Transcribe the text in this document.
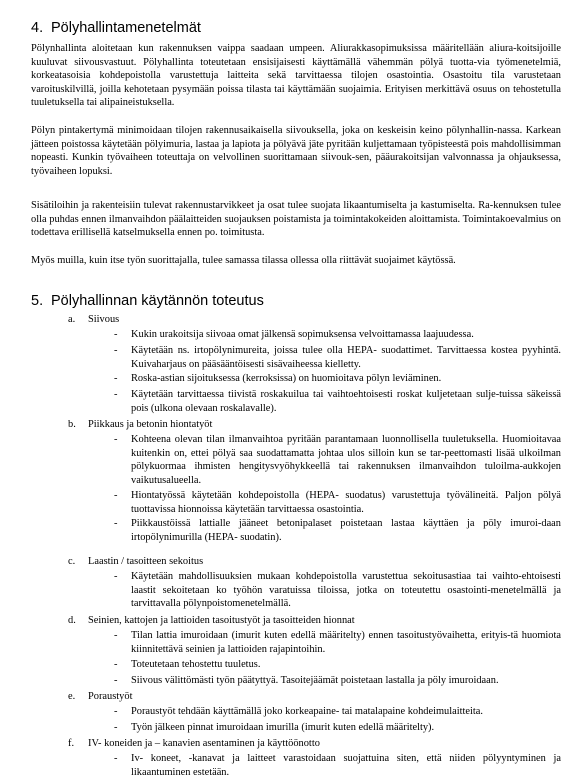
4. Pölyhallintamenetelmät

Pölynhallinta aloitetaan kun rakennuksen vaippa saadaan umpeen. Aliurakkasopimuksissa määritellään aliura-koitsijoille kuuluvat siivousvastuut. Pölyhallinta toteutetaan ensisijaisesti käyttämällä vähemmän pölyä tuotta-via työmenetelmiä, korkeatasoisia kohdepoistolla varustettuja laitteita sekä tarvittaessa tilojen osastointia. Osastoitu tila varustetaan varoituskilvillä, joilla kehotetaan pysymään poissa tilasta tai käyttämään suojaimia. Erityisen merkittävä osuus on tehostetulla tuuletuksella tai alipaineistuksella.

Pölyn pintakertymä minimoidaan tilojen rakennusaikaisella siivouksella, joka on keskeisin keino pölynhallin-nassa. Karkean jätteen poistossa käytetään pölyimuria, lastaa ja lapiota ja pölyävä jäte pyritään kuljettamaan työpisteestä pois mahdollisimman nopeasti. Kunkin työvaiheen toteuttaja on velvollinen suorittamaan siivouk-sen, pääurakoitsijan valvonnassa ja ohjauksessa, työvaiheen lopuksi.

Sisätiloihin ja rakenteisiin tulevat rakennustarvikkeet ja osat tulee suojata likaantumiselta ja kastumiselta. Ra-kennuksen tulee olla puhdas ennen ilmanvaihdon päälaitteiden suojauksen poistamista ja toimintakokeiden aloittamista. Toimintakoevalmius on todettava erillisellä katselmuksella ennen po. toimitusta.

Myös muilla, kuin itse työn suorittajalla, tulee samassa tilassa ollessa olla riittävät suojaimet käytössä.

5. Pölyhallinnan käytännön toteutus
a. Siivous
- Kukin urakoitsija siivoaa omat jälkensä sopimuksensa velvoittamassa laajuudessa.
- Käytetään ns. irtopölynimureita, joissa tulee olla HEPA- suodattimet. Tarvittaessa kostea pyyhintä. Kuivaharjaus on pääsääntöisesti sisävaiheessa kielletty.
- Roska-astian sijoituksessa (kerroksissa) on huomioitava pölyn leviäminen.
- Käytetään tarvittaessa tiivistä roskakuilua tai vaihtoehtoisesti roskat kuljetetaan sulje-tuissa säkeissä pois (ulkona olevaan roskalavalle).
b. Piikkaus ja betonin hiontatyöt
- Kohteena olevan tilan ilmanvaihtoa pyritään parantamaan luonnollisella tuuletuksella. Huomioitavaa kuitenkin on, ettei pölyä saa suodattamatta johtaa ulos silloin kun se tar-peettomasti lisää ulkoilman pölykuormaa ihmisten hengitysvyöhykkeellä tai rakennuksen ilmanvaihdon tuloilma-aukkojen vaikutusalueella.
- Hiontatyössä käytetään kohdepoistolla (HEPA- suodatus) varustettuja työvälineitä. Paljon pölyä tuottavissa hionnoissa käytetään tarvittaessa osastointia.
- Piikkaustöissä lattialle jääneet betonipalaset poistetaan lastaa käyttäen ja pöly imuroi-daan irtopölynimurilla (HEPA- suodatin).
c. Laastin / tasoitteen sekoitus
- Käytetään mahdollisuuksien mukaan kohdepoistolla varustettua sekoitusastiaa tai vaihto-ehtoisesti laastit sekoitetaan ko työhön varatuissa tiloissa, jotka on toteutettu osastointi-menetelmällä ja tarvittavalla pölynpoistomenetelmällä.
d. Seinien, kattojen ja lattioiden tasoitustyöt ja tasoitteiden hionnat
- Tilan lattia imuroidaan (imurit kuten edellä määritelty) ennen tasoitustyövaihetta, erityis-tä huomiota kiinnitettävä seinien ja lattioiden rajapintoihin.
- Toteutetaan tehostettu tuuletus.
- Siivous välittömästi työn päätyttyä. Tasoitejäämät poistetaan lastalla ja pöly imuroidaan.
e. Poraustyöt
- Poraustyöt tehdään käyttämällä joko korkeapaine- tai matalapaine kohdeimulaitteita.
- Työn jälkeen pinnat imuroidaan imurilla (imurit kuten edellä määritelty).
f. IV- koneiden ja – kanavien asentaminen ja käyttöönotto
- Iv- koneet, -kanavat ja laitteet varastoidaan suojattuina siten, että niiden pölyyntyminen ja likaantuminen estetään.
